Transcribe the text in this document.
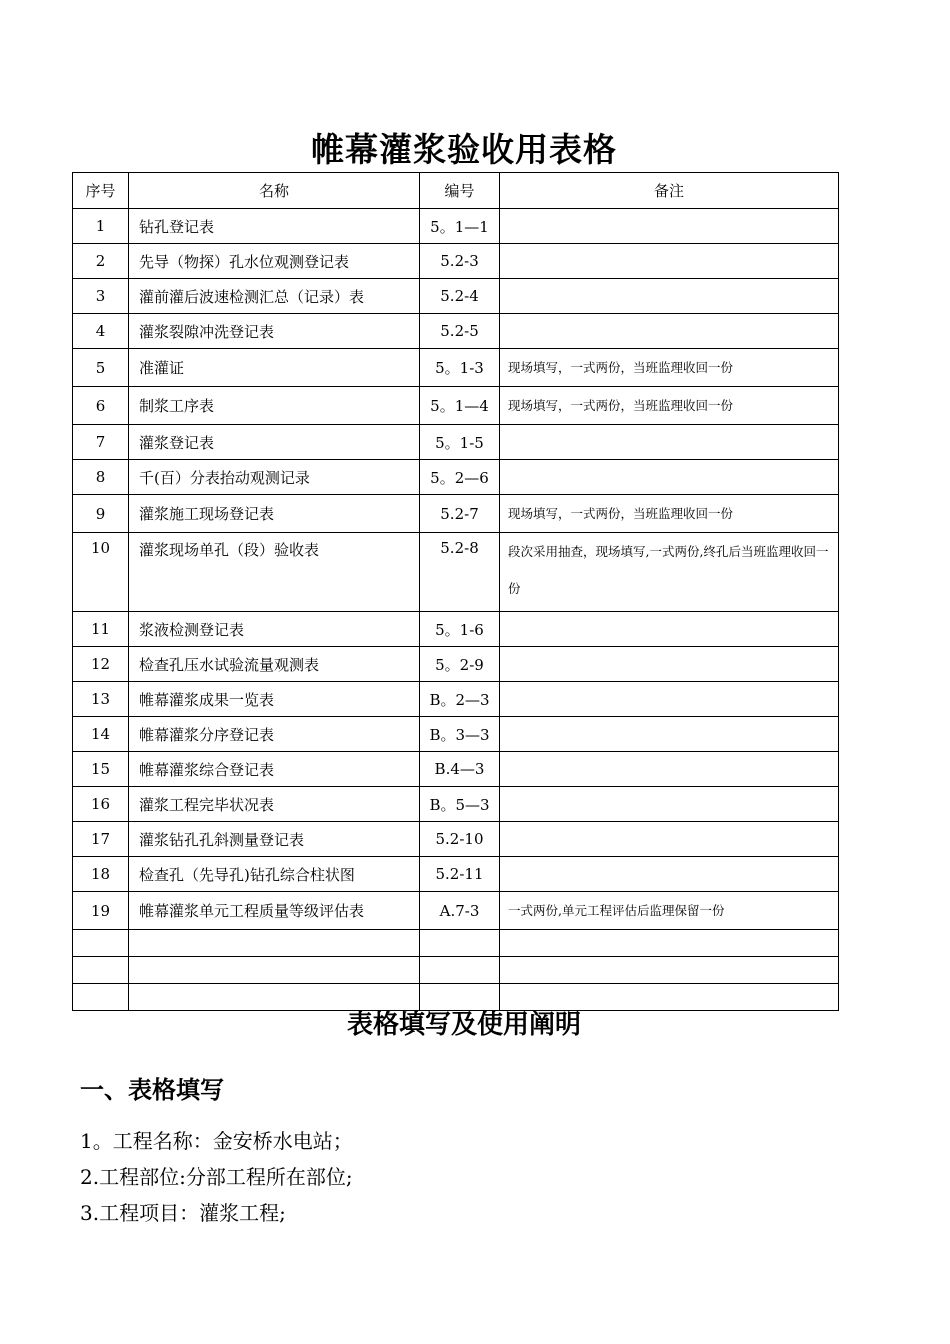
帷幕灌浆验收用表格
序号	名称	编号	备注
1	钻孔登记表	5。1—1	
2	先导（物探）孔水位观测登记表	5.2-3	
3	灌前灌后波速检测汇总（记录）表	5.2-4	
4	灌浆裂隙冲洗登记表	5.2-5	
5	准灌证	5。1-3	现场填写，一式两份，当班监理收回一份
6	制浆工序表	5。1—4	现场填写，一式两份，当班监理收回一份
7	灌浆登记表	5。1-5	
8	千(百）分表抬动观测记录	5。2—6	
9	灌浆施工现场登记表	5.2-7	现场填写，一式两份，当班监理收回一份
10	灌浆现场单孔（段）验收表	5.2-8	段次采用抽查，现场填写,一式两份,终孔后当班监理收回一份
11	浆液检测登记表	5。1-6	
12	检查孔压水试验流量观测表	5。2-9	
13	帷幕灌浆成果一览表	B。2—3	
14	帷幕灌浆分序登记表	B。3—3	
15	帷幕灌浆综合登记表	B.4—3	
16	灌浆工程完毕状况表	B。5—3	
17	灌浆钻孔孔斜测量登记表	5.2-10	
18	检查孔（先导孔)钻孔综合柱状图	5.2-11	
19	帷幕灌浆单元工程质量等级评估表	A.7-3	一式两份,单元工程评估后监理保留一份

表格填写及使用阐明
一、表格填写
1。工程名称：金安桥水电站；
2.工程部位:分部工程所在部位;
3.工程项目：灌浆工程;
